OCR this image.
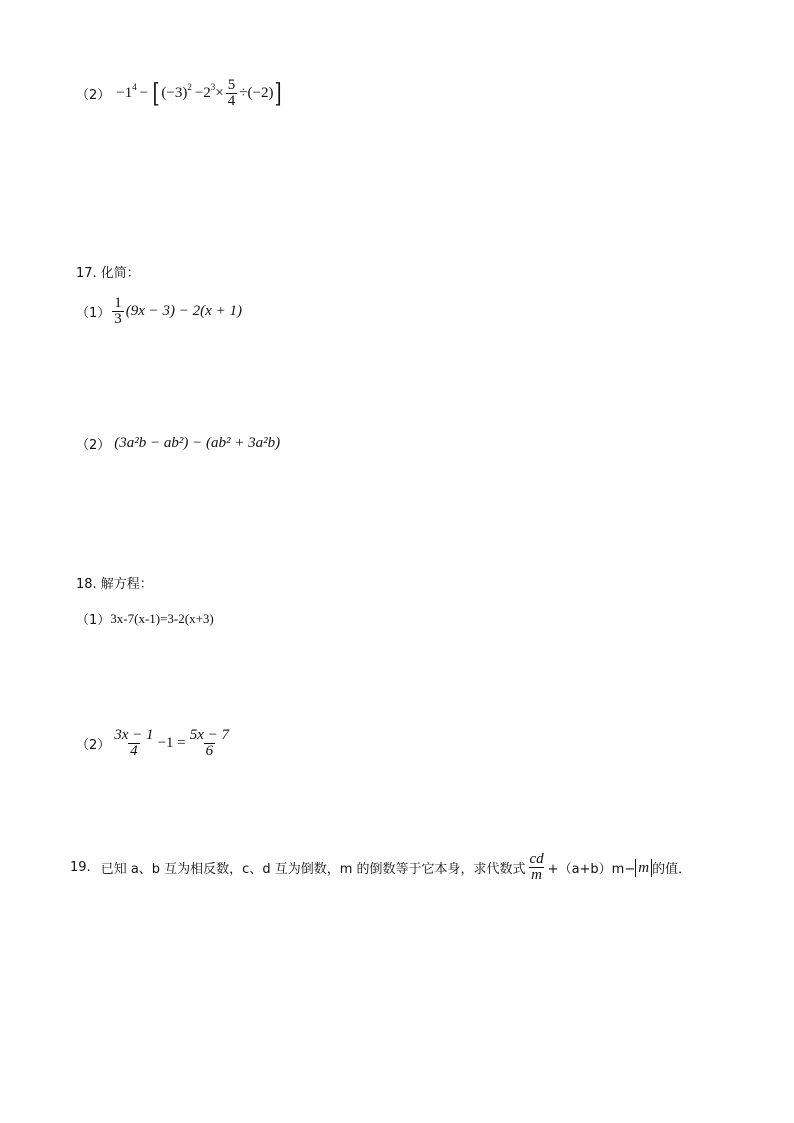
$(2) -1^4$ − [ $(-3)^2 -2^3 \times \frac{5}{4} \div(-2)$ ]
17. 化简：
$(1) \frac{1}{3} (9x - 3) - 2(x + 1)$
（2） (3a²b − ab²) − (ab² + 3a²b)
18. 解方程：
（1） 3x-7(x-1)=3-2(x+3)
$(2) \frac{3x - 1}{4} -1 = \frac{5x - 7}{6}$
19. 已知 a、b 互为相反数，c、d 互为倒数，m 的倒数等于它本身，求代数式 $\frac{cd}{m} +(a+b)m- m$ 的值．
